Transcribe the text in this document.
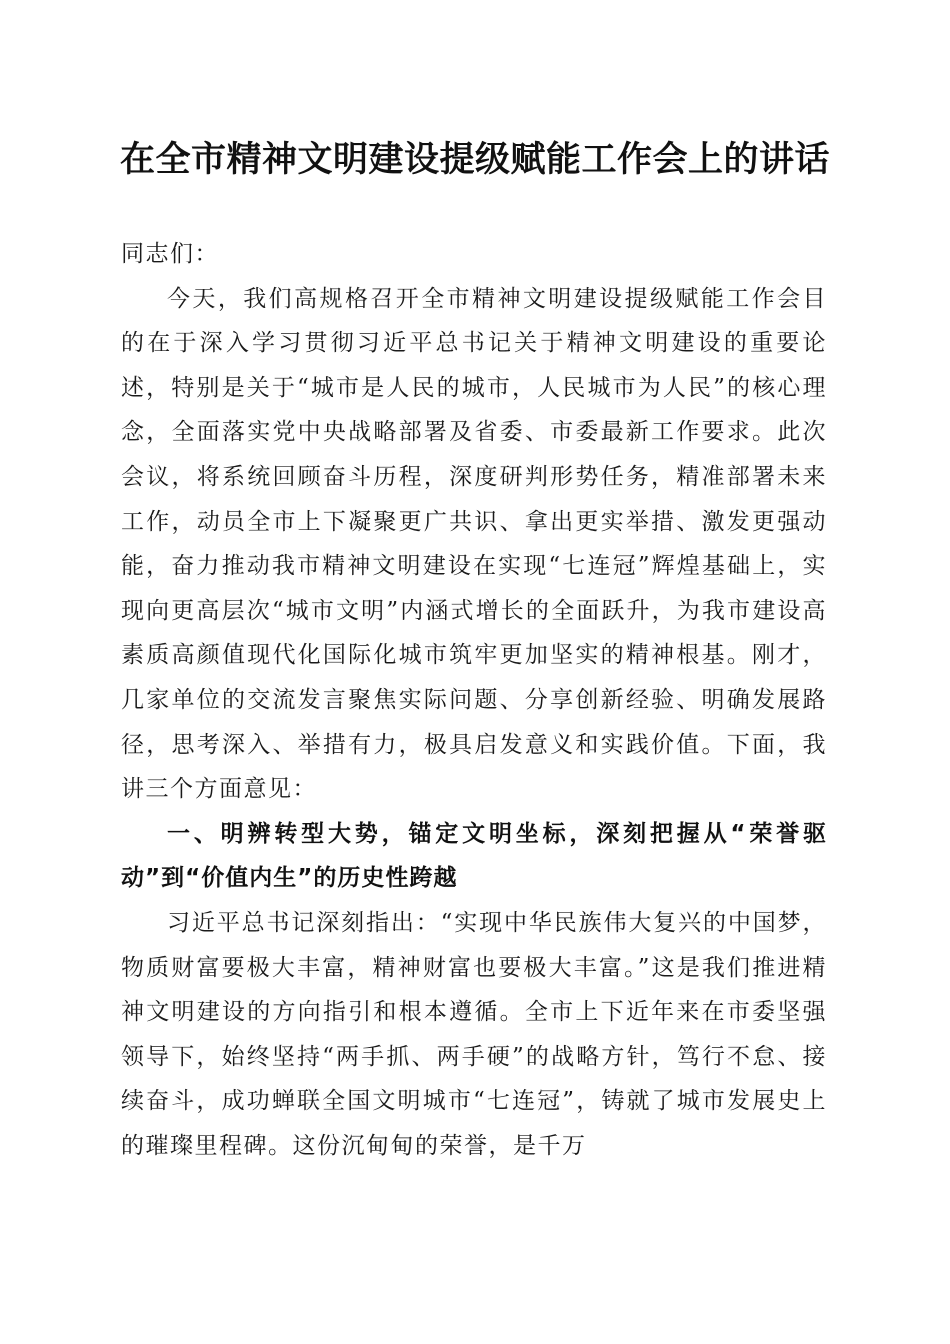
在全市精神文明建设提级赋能工作会上的讲话

同志们：

今天，我们高规格召开全市精神文明建设提级赋能工作会目的在于深入学习贯彻习近平总书记关于精神文明建设的重要论述，特别是关于“城市是人民的城市，人民城市为人民”的核心理念，全面落实党中央战略部署及省委、市委最新工作要求。此次会议，将系统回顾奋斗历程，深度研判形势任务，精准部署未来工作，动员全市上下凝聚更广共识、拿出更实举措、激发更强动能，奋力推动我市精神文明建设在实现“七连冠”辉煌基础上，实现向更高层次“城市文明”内涵式增长的全面跃升，为我市建设高素质高颜值现代化国际化城市筑牢更加坚实的精神根基。刚才，几家单位的交流发言聚焦实际问题、分享创新经验、明确发展路径，思考深入、举措有力，极具启发意义和实践价值。下面，我讲三个方面意见：

一、明辨转型大势，锚定文明坐标，深刻把握从“荣誉驱动”到“价值内生”的历史性跨越

习近平总书记深刻指出：“实现中华民族伟大复兴的中国梦，物质财富要极大丰富，精神财富也要极大丰富。”这是我们推进精神文明建设的方向指引和根本遵循。全市上下近年来在市委坚强领导下，始终坚持“两手抓、两手硬”的战略方针，笃行不怠、接续奋斗，成功蝉联全国文明城市“七连冠”，铸就了城市发展史上的璀璨里程碑。这份沉甸甸的荣誉，是千万
